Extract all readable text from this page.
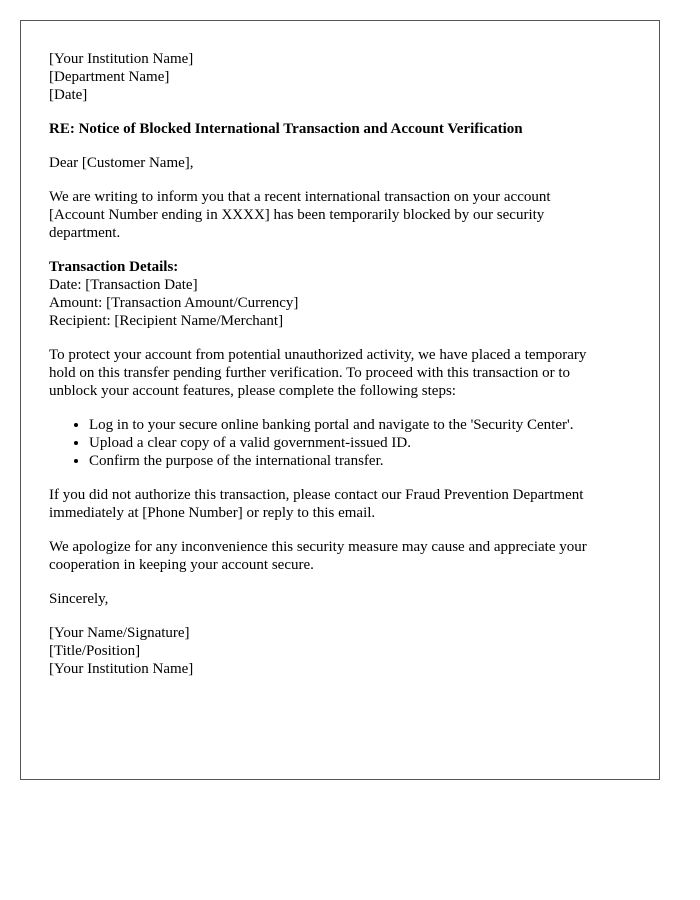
[Your Institution Name]
[Department Name]
[Date]
RE: Notice of Blocked International Transaction and Account Verification
Dear [Customer Name],
We are writing to inform you that a recent international transaction on your account
[Account Number ending in XXXX] has been temporarily blocked by our security
department.
Transaction Details:
Date: [Transaction Date]
Amount: [Transaction Amount/Currency]
Recipient: [Recipient Name/Merchant]
To protect your account from potential unauthorized activity, we have placed a temporary
hold on this transfer pending further verification. To proceed with this transaction or to
unblock your account features, please complete the following steps:
• Log in to your secure online banking portal and navigate to the 'Security Center'.
• Upload a clear copy of a valid government-issued ID.
• Confirm the purpose of the international transfer.
If you did not authorize this transaction, please contact our Fraud Prevention Department
immediately at [Phone Number] or reply to this email.
We apologize for any inconvenience this security measure may cause and appreciate your
cooperation in keeping your account secure.
Sincerely,
[Your Name/Signature]
[Title/Position]
[Your Institution Name]
